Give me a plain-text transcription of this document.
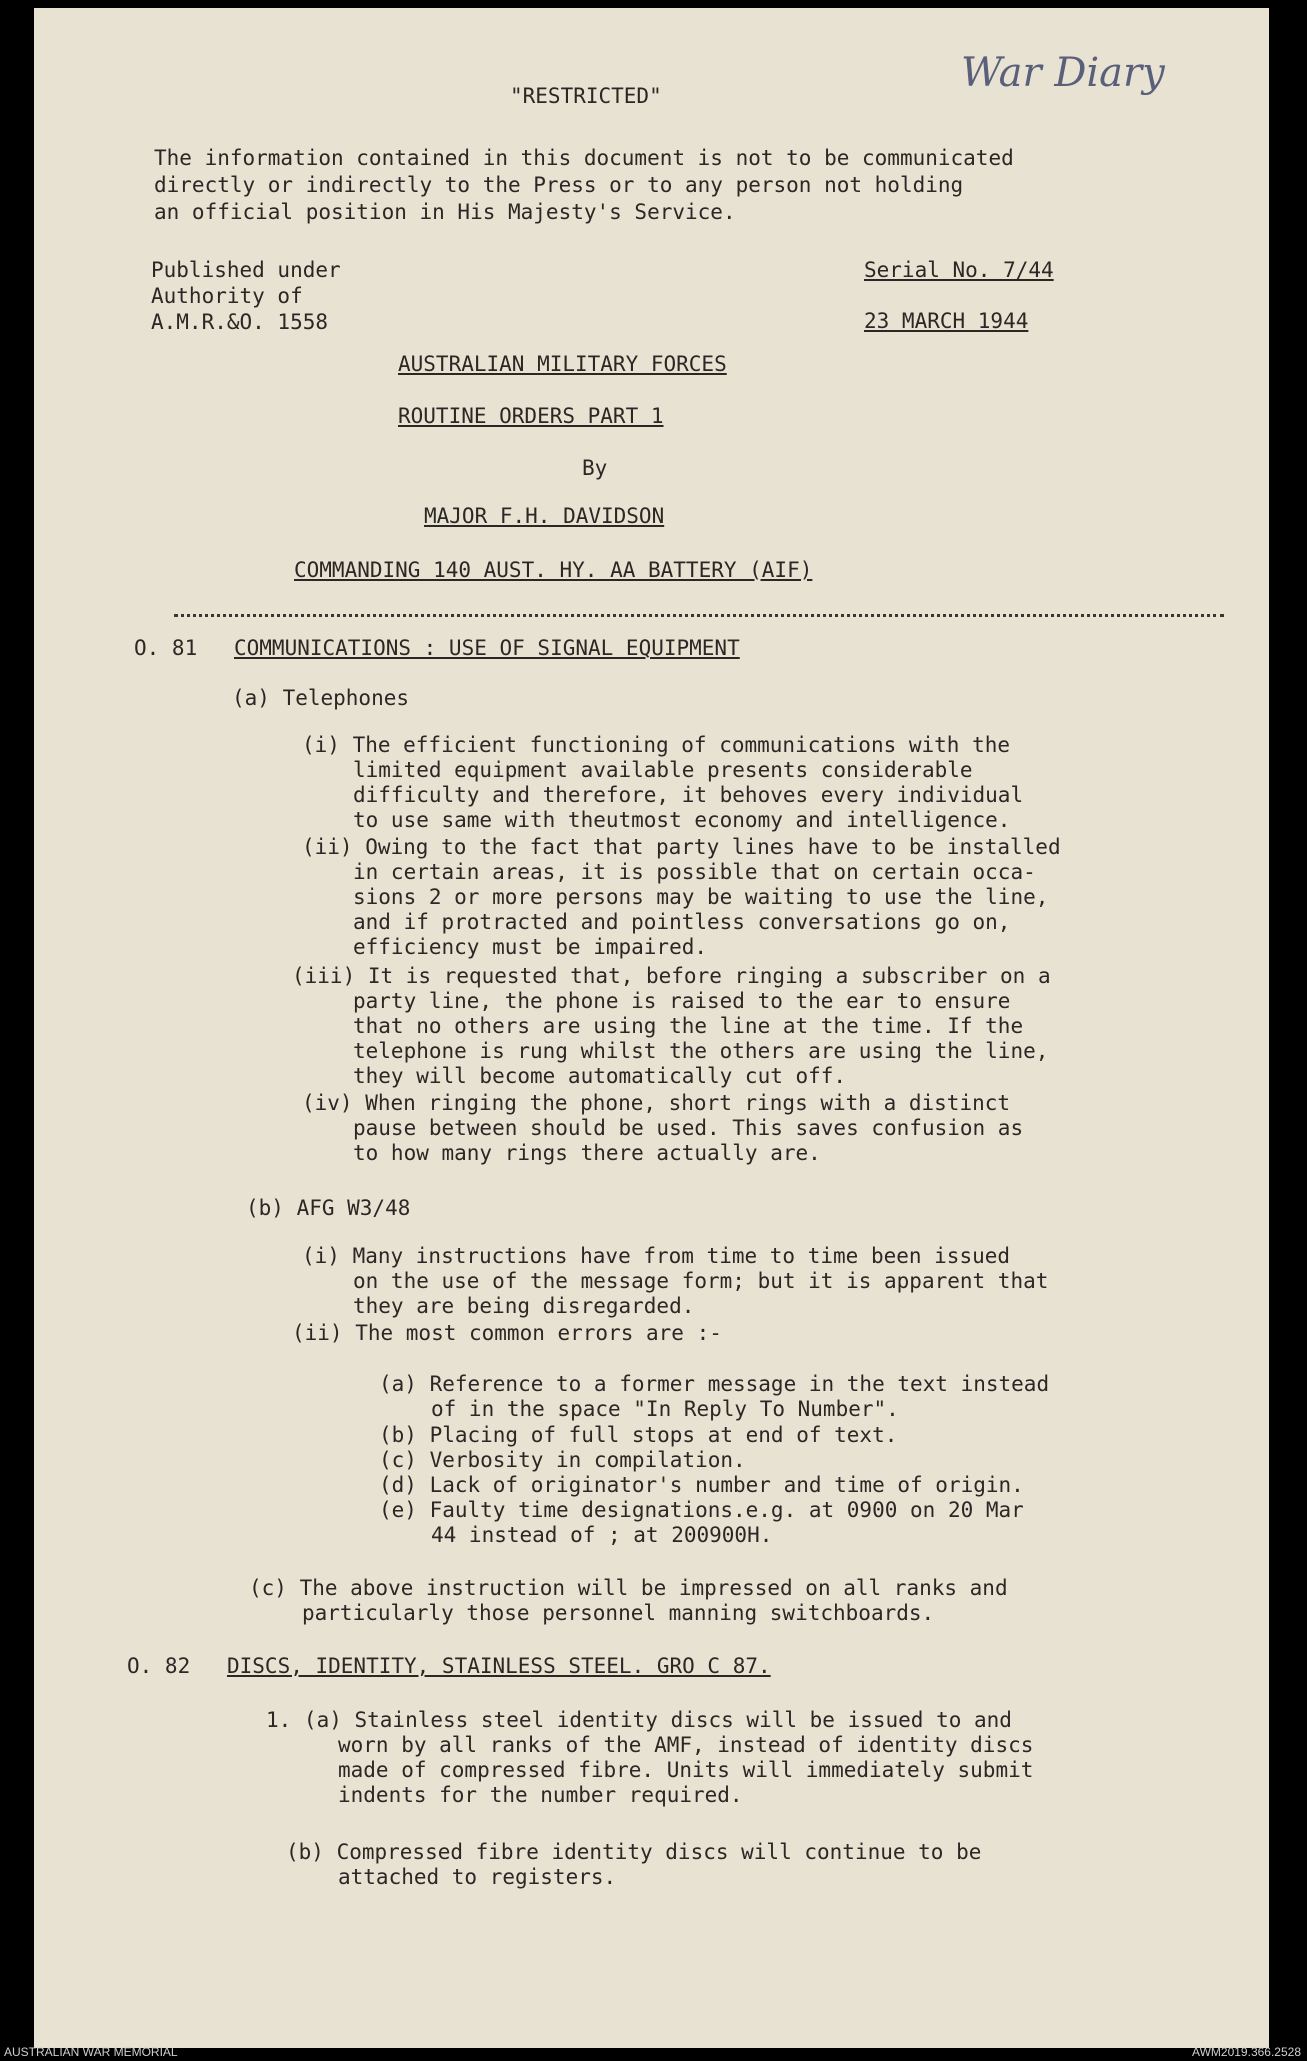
War Diary
"RESTRICTED"
The information contained in this document is not to be communicated
directly or indirectly to the Press or to any person not holding
an official position in His Majesty's Service.
Published under
Authority of
A.M.R.&O. 1558
Serial No. 7/44
23 MARCH 1944
AUSTRALIAN MILITARY FORCES
ROUTINE ORDERS PART 1
By
MAJOR F.H. DAVIDSON
COMMANDING 140 AUST. HY. AA BATTERY (AIF)
O. 81 COMMUNICATIONS : USE OF SIGNAL EQUIPMENT
(a) Telephones
(i) The efficient functioning of communications with the
limited equipment available presents considerable
difficulty and therefore, it behoves every individual
to use same with theutmost economy and intelligence.
(ii) Owing to the fact that party lines have to be installed
in certain areas, it is possible that on certain occa-
sions 2 or more persons may be waiting to use the line,
and if protracted and pointless conversations go on,
efficiency must be impaired.
(iii) It is requested that, before ringing a subscriber on a
party line, the phone is raised to the ear to ensure
that no others are using the line at the time. If the
telephone is rung whilst the others are using the line,
they will become automatically cut off.
(iv) When ringing the phone, short rings with a distinct
pause between should be used. This saves confusion as
to how many rings there actually are.
(b) AFG W3/48
(i) Many instructions have from time to time been issued
on the use of the message form; but it is apparent that
they are being disregarded.
(ii) The most common errors are :-
(a) Reference to a former message in the text instead
of in the space "In Reply To Number".
(b) Placing of full stops at end of text.
(c) Verbosity in compilation.
(d) Lack of originator's number and time of origin.
(e) Faulty time designations.e.g. at 0900 on 20 Mar
44 instead of ; at 200900H.
(c) The above instruction will be impressed on all ranks and
particularly those personnel manning switchboards.
O. 82 DISCS, IDENTITY, STAINLESS STEEL. GRO C 87.
1. (a) Stainless steel identity discs will be issued to and
worn by all ranks of the AMF, instead of identity discs
made of compressed fibre. Units will immediately submit
indents for the number required.
(b) Compressed fibre identity discs will continue to be
attached to registers.
AUSTRALIAN WAR MEMORIAL	AWM2019.366.2528
